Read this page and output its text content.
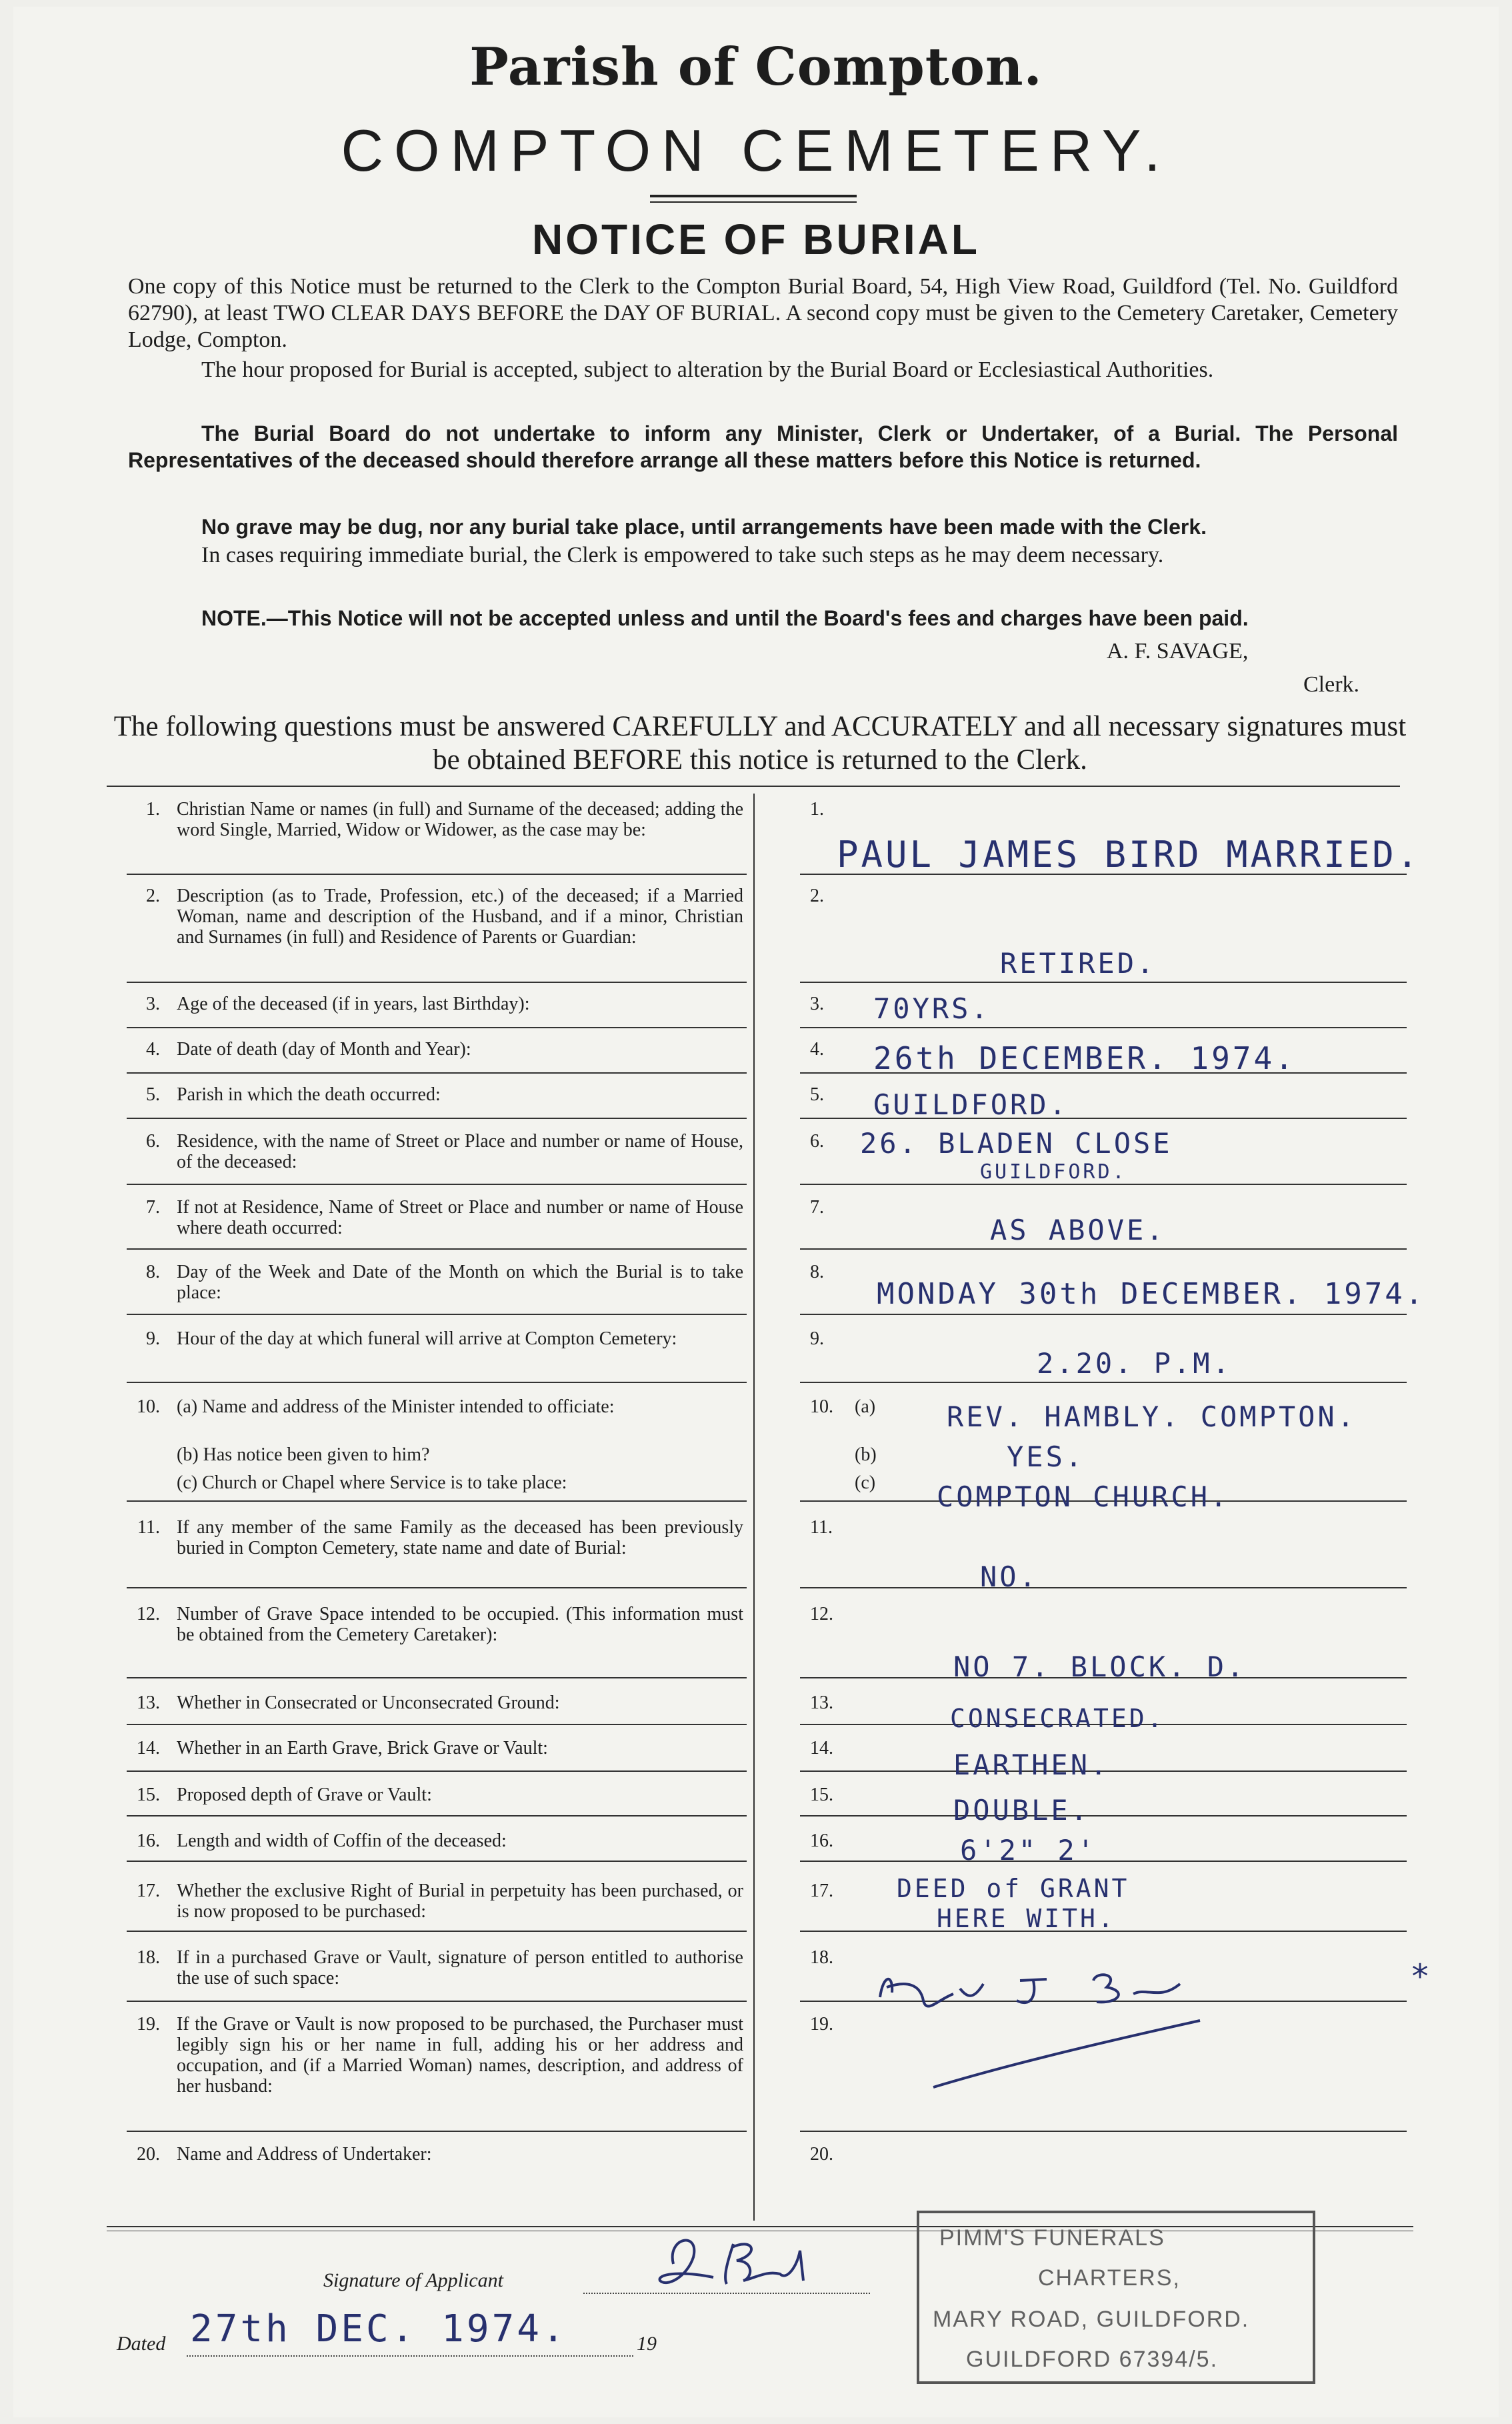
Parish of Compton.
COMPTON CEMETERY.
NOTICE OF BURIAL
One copy of this Notice must be returned to the Clerk to the Compton Burial Board, 54, High View Road, Guildford (Tel. No. Guildford 62790), at least TWO CLEAR DAYS BEFORE the DAY OF BURIAL. A second copy must be given to the Cemetery Caretaker, Cemetery Lodge, Compton.
The hour proposed for Burial is accepted, subject to alteration by the Burial Board or Ecclesiastical Authorities.
The Burial Board do not undertake to inform any Minister, Clerk or Undertaker, of a Burial. The Personal Representatives of the deceased should therefore arrange all these matters before this Notice is returned.
No grave may be dug, nor any burial take place, until arrangements have been made with the Clerk.
In cases requiring immediate burial, the Clerk is empowered to take such steps as he may deem necessary.
NOTE.—This Notice will not be accepted unless and until the Board's fees and charges have been paid.
A. F. SAVAGE,
Clerk.
The following questions must be answered CAREFULLY and ACCURATELY and all necessary signatures must be obtained BEFORE this notice is returned to the Clerk.
1. Christian Name or names (in full) and Surname of the deceased; adding the word Single, Married, Widow or Widower, as the case may be:
2. Description (as to Trade, Profession, etc.) of the deceased; if a Married Woman, name and description of the Husband, and if a minor, Christian and Surnames (in full) and Residence of Parents or Guardian:
3. Age of the deceased (if in years, last Birthday):
4. Date of death (day of Month and Year):
5. Parish in which the death occurred:
6. Residence, with the name of Street or Place and number or name of House, of the deceased:
7. If not at Residence, Name of Street or Place and number or name of House where death occurred:
8. Day of the Week and Date of the Month on which the Burial is to take place:
9. Hour of the day at which funeral will arrive at Compton Cemetery:
10. (a) Name and address of the Minister intended to officiate:
(b) Has notice been given to him?
(c) Church or Chapel where Service is to take place:
11. If any member of the same Family as the deceased has been previously buried in Compton Cemetery, state name and date of Burial:
12. Number of Grave Space intended to be occupied. (This information must be obtained from the Cemetery Caretaker):
13. Whether in Consecrated or Unconsecrated Ground:
14. Whether in an Earth Grave, Brick Grave or Vault:
15. Proposed depth of Grave or Vault:
16. Length and width of Coffin of the deceased:
17. Whether the exclusive Right of Burial in perpetuity has been purchased, or is now proposed to be purchased:
18. If in a purchased Grave or Vault, signature of person entitled to authorise the use of such space:
19. If the Grave or Vault is now proposed to be purchased, the Purchaser must legibly sign his or her name in full, adding his or her address and occupation, and (if a Married Woman) names, description, and address of her husband:
20. Name and Address of Undertaker:
1.
2.
3.
4.
5.
6.
7.
8.
9.
10. (a)
(b)
(c)
11.
12.
13.
14.
15.
16.
17.
18.
19.
20.
PAUL JAMES BIRD MARRIED.
RETIRED.
70YRS.
26th DECEMBER. 1974.
GUILDFORD.
26. BLADEN CLOSE
GUILDFORD.
AS ABOVE.
MONDAY 30th DECEMBER. 1974.
2.20. P.M.
REV. HAMBLY. COMPTON.
YES.
COMPTON CHURCH.
NO.
NO 7. BLOCK. D.
CONSECRATED.
EARTHEN.
DOUBLE.
6'2" 2'
DEED of GRANT
HERE WITH.
*
Signature of Applicant
Dated 27th DEC. 1974.	19
PIMM'S FUNERALS
CHARTERS,
MARY ROAD, GUILDFORD.
GUILDFORD 67394/5.
